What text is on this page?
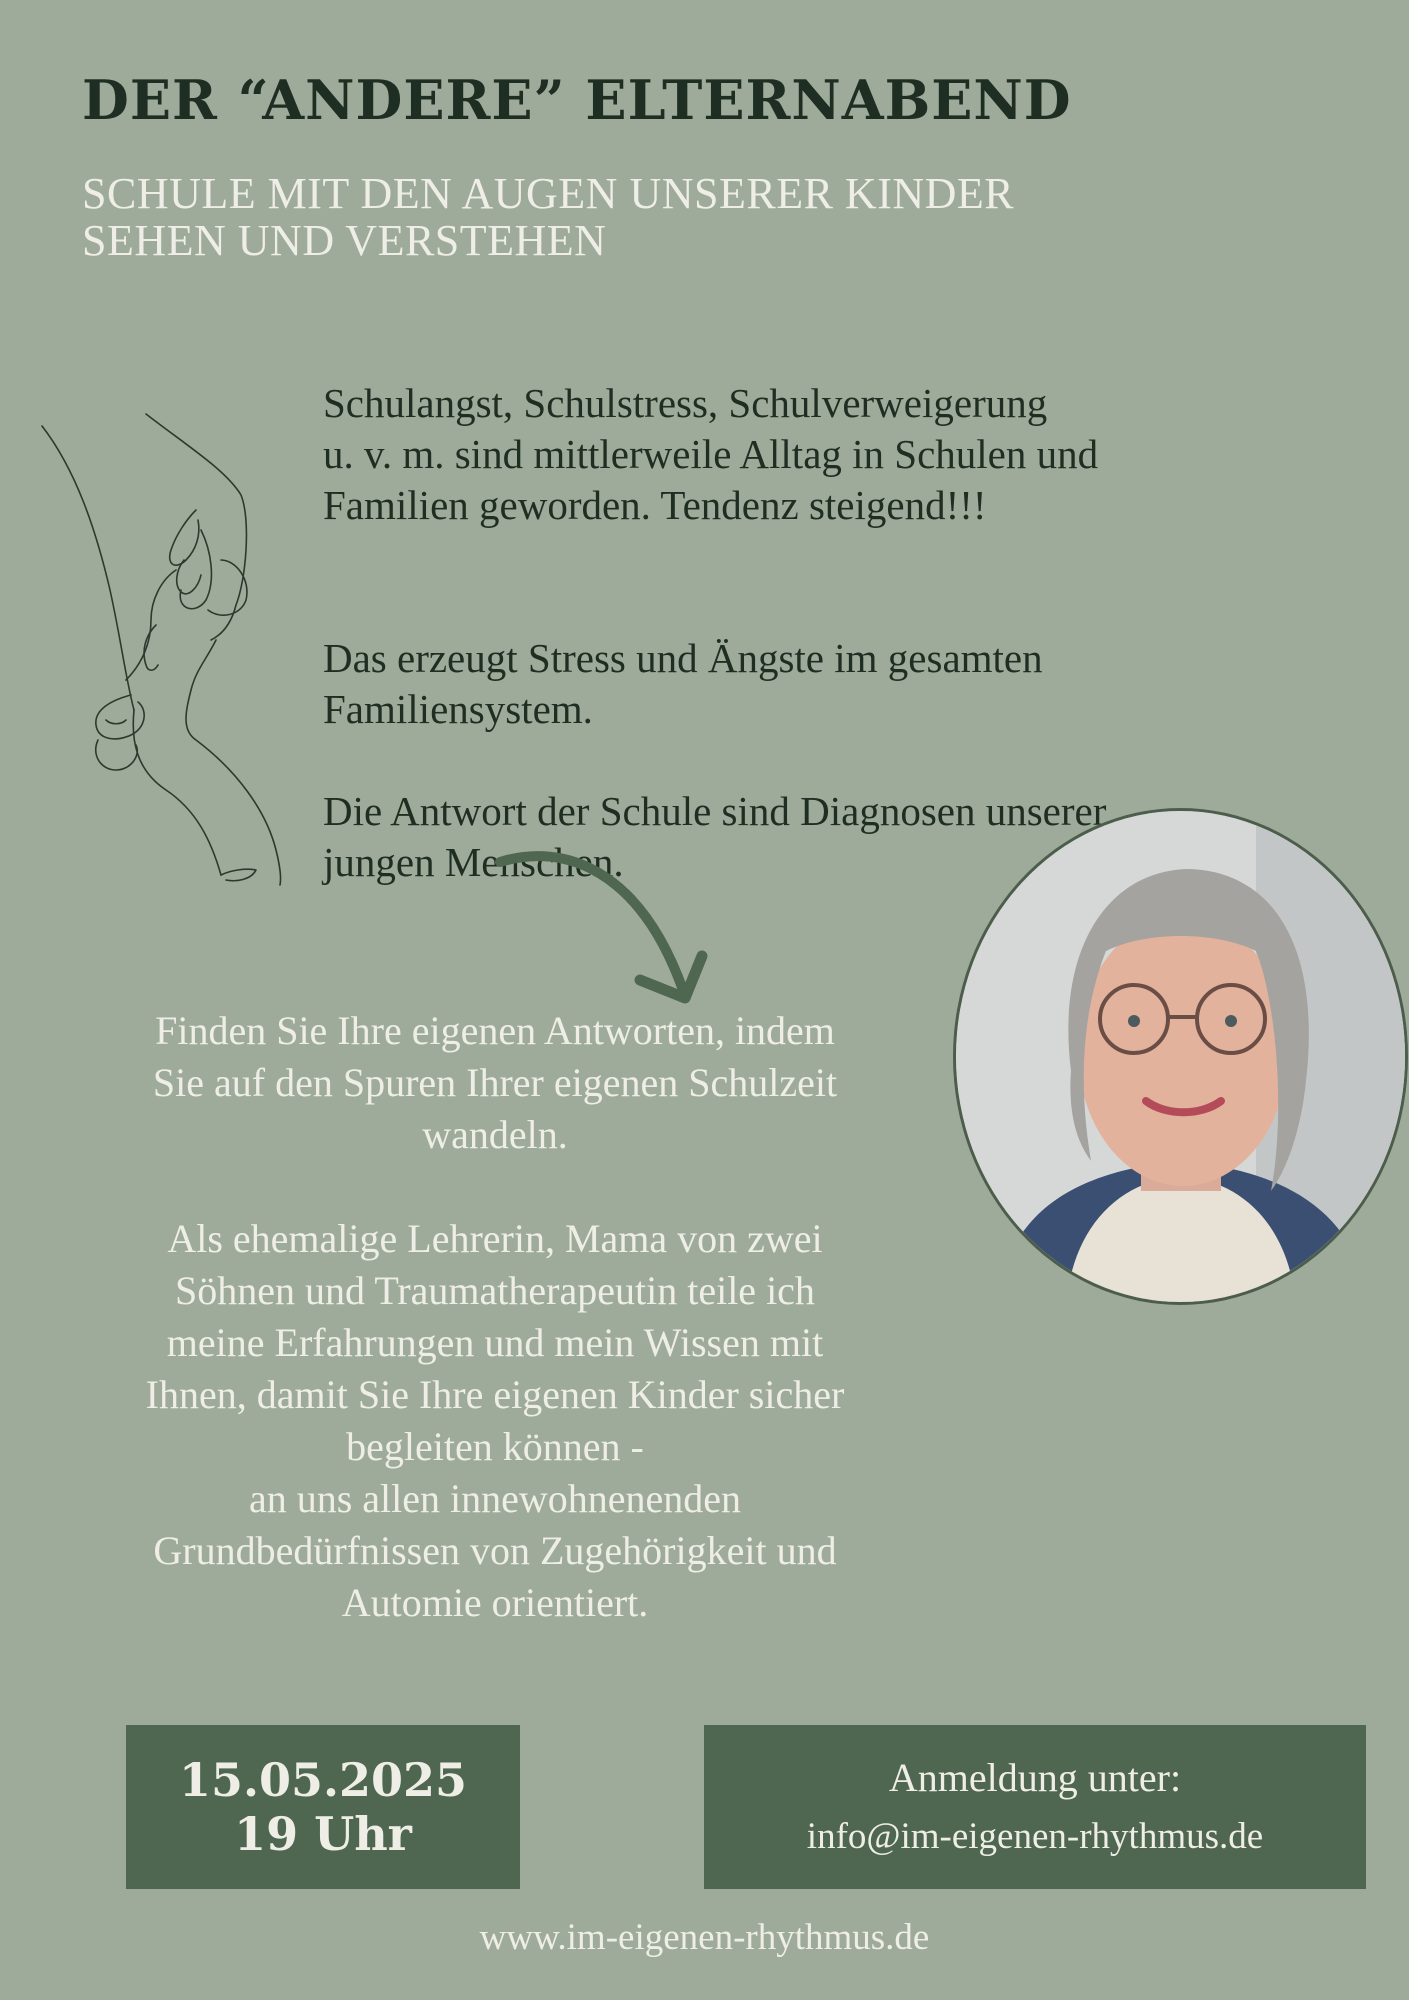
DER “ANDERE” ELTERNABEND
SCHULE MIT DEN AUGEN UNSERER KINDER
SEHEN UND VERSTEHEN

Schulangst, Schulstress, Schulverweigerung
u. v. m. sind mittlerweile Alltag in Schulen und
Familien geworden. Tendenz steigend!!!

Das erzeugt Stress und Ängste im gesamten
Familiensystem.
Die Antwort der Schule sind Diagnosen unserer
jungen Menschen.
Finden Sie Ihre eigenen Antworten, indem
Sie auf den Spuren Ihrer eigenen Schulzeit
wandeln.
Als ehemalige Lehrerin, Mama von zwei
Söhnen und Traumatherapeutin teile ich
meine Erfahrungen und mein Wissen mit
Ihnen, damit Sie Ihre eigenen Kinder sicher
begleiten können -
an uns allen innewohnenenden
Grundbedürfnissen von Zugehörigkeit und
Automie orientiert.
15.05.2025
19 Uhr
Anmeldung unter:
info@im-eigenen-rhythmus.de
www.im-eigenen-rhythmus.de
